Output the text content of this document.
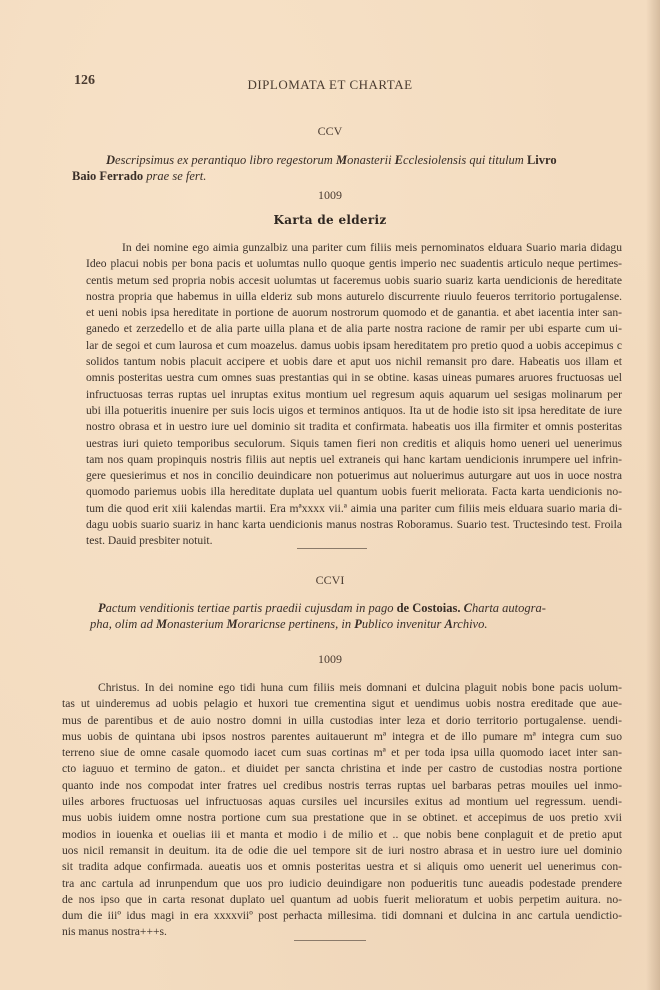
126	DIPLOMATA ET CHARTAE
CCV
Descripsimus ex perantiquo libro regestorum Monasterii Ecclesiolensis qui titulum Livro
Baio Ferrado prae se fert.
1009
Karta de elderiz
In dei nomine ego aimia gunzalbiz una pariter cum filiis meis pernominatos elduara Suario maria didagu
Ideo placui nobis per bona pacis et uolumtas nullo quoque gentis imperio nec suadentis articulo neque pertimes-
centis metum sed propria nobis accesit uolumtas ut faceremus uobis suario suariz karta uendicionis de hereditate
nostra propria que habemus in uilla elderiz sub mons auturelo discurrente riuulo feueros territorio portugalense.
et ueni nobis ipsa hereditate in portione de auorum nostrorum quomodo et de ganantia. et abet iacentia inter san-
ganedo et zerzedello et de alia parte uilla plana et de alia parte nostra racione de ramir per ubi esparte cum ui-
lar de segoi et cum laurosa et cum moazelus. damus uobis ipsam hereditatem pro pretio quod a uobis accepimus c
solidos tantum nobis placuit accipere et uobis dare et aput uos nichil remansit pro dare. Habeatis uos illam et
omnis posteritas uestra cum omnes suas prestantias qui in se obtine. kasas uineas pumares aruores fructuosas uel
infructuosas terras ruptas uel inruptas exitus montium uel regresum aquis aquarum uel sesigas molinarum per
ubi illa potueritis inuenire per suis locis uigos et terminos antiquos. Ita ut de hodie isto sit ipsa hereditate de iure
nostro obrasa et in uestro iure uel dominio sit tradita et confirmata. habeatis uos illa firmiter et omnis posteritas
uestras iuri quieto temporibus seculorum. Siquis tamen fieri non creditis et aliquis homo ueneri uel uenerimus
tam nos quam propinquis nostris filiis aut neptis uel extraneis qui hanc kartam uendicionis inrumpere uel infrin-
gere quesierimus et nos in concilio deuindicare non potuerimus aut noluerimus auturgare aut uos in uoce nostra
quomodo pariemus uobis illa hereditate duplata uel quantum uobis fuerit meliorata. Facta karta uendicionis no-
tum die quod erit xiii kalendas martii. Era mªxxxx vii.ª aimia una pariter cum filiis meis elduara suario maria di-
dagu uobis suario suariz in hanc karta uendicionis manus nostras Roboramus. Suario test. Tructesindo test. Froila
test. Dauid presbiter notuit.
CCVI
Pactum venditionis tertiae partis praedii cujusdam in pago de Costoias. Charta autogra-
pha, olim ad Monasterium Moraricnse pertinens, in Publico invenitur Archivo.
1009
Christus. In dei nomine ego tidi huna cum filiis meis domnani et dulcina plaguit nobis bone pacis uolum-
tas ut uinderemus ad uobis pelagio et huxori tue crementina sigut et uendimus uobis nostra ereditade que aue-
mus de parentibus et de auio nostro domni in uilla custodias inter leza et dorio territorio portugalense. uendi-
mus uobis de quintana ubi ipsos nostros parentes auitauerunt mª integra et de illo pumare mª integra cum suo
terreno siue de omne casale quomodo iacet cum suas cortinas mª et per toda ipsa uilla quomodo iacet inter san-
cto iaguuo et termino de gaton.. et diuidet per sancta christina et inde per castro de custodias nostra portione
quanto inde nos compodat inter fratres uel credibus nostris terras ruptas uel barbaras petras mouiles uel inmo-
uiles arbores fructuosas uel infructuosas aquas cursiles uel incursiles exitus ad montium uel regressum. uendi-
mus uobis iuidem omne nostra portione cum sua prestatione que in se obtinet. et accepimus de uos pretio xvii
modios in iouenka et ouelias iii et manta et modio i de milio et .. que nobis bene conplaguit et de pretio aput
uos nicil remansit in deuitum. ita de odie die uel tempore sit de iuri nostro abrasa et in uestro iure uel dominio
sit tradita adque confirmada. aueatis uos et omnis posteritas uestra et si aliquis omo uenerit uel uenerimus con-
tra anc cartula ad inrunpendum que uos pro iudicio deuindigare non podueritis tunc aueadis podestade prendere
de nos ipso que in carta resonat duplato uel quantum ad uobis fuerit melioratum et uobis perpetim auitura. no-
dum die iiiº idus magi in era xxxxviiº post perhacta millesima. tidi domnani et dulcina in anc cartula uendictio-
nis manus nostra+++s.
